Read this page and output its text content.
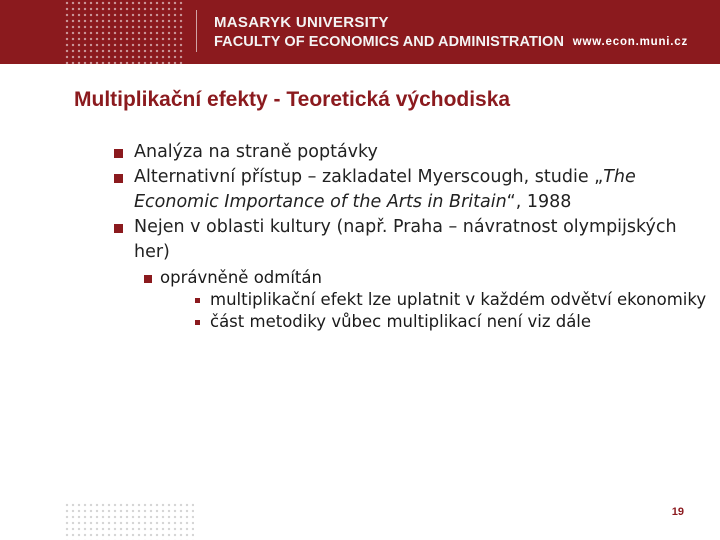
MASARYK UNIVERSITY
FACULTY OF ECONOMICS AND ADMINISTRATION www.econ.muni.cz
Multiplikační efekty - Teoretická východiska
Analýza na straně poptávky
Alternativní přístup – zakladatel Myerscough, studie „The Economic Importance of the Arts in Britain“, 1988
Nejen v oblasti kultury (např. Praha – návratnost olympijských her)
oprávněně odmítán
multiplikační efekt lze uplatnit v každém odvětví ekonomiky
část metodiky vůbec multiplikací není viz dále
19
